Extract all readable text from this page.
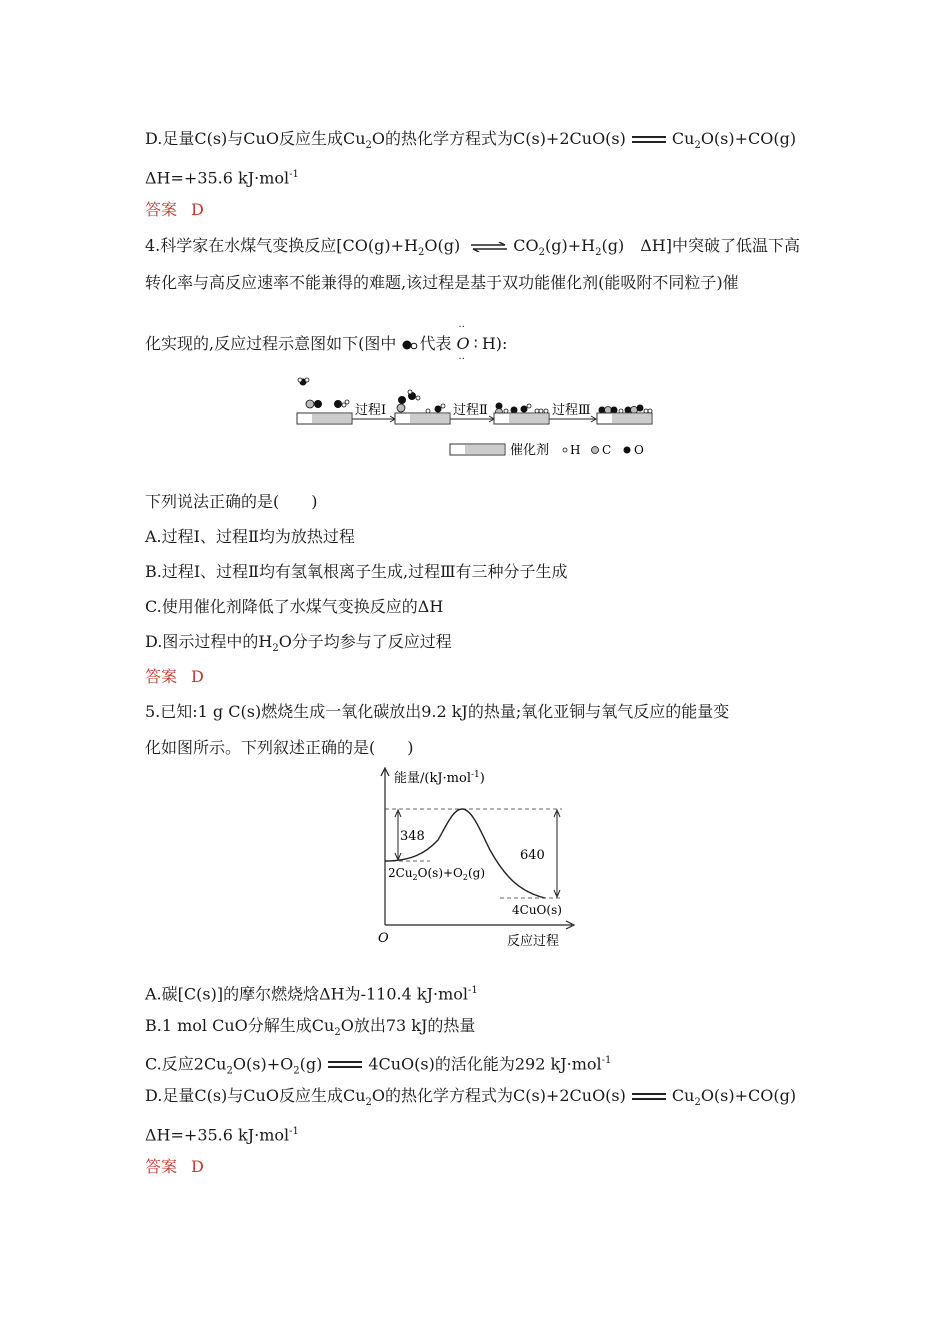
D.足量C(s)与CuO反应生成$Cu_2O$的热化学方程式为C(s)+2CuO(s)	$Cu_2O(s)+CO(g)$
ΔH=+35.6 kJ·mol$^{-1}$
答案 D
4.科学家在水煤气变换反应[$CO(g)+H_2O(g)$ ⇌ $CO_2(g)+H_2(g)$　ΔH]中突破了低温下高
转化率与高反应速率不能兼得的难题,该过程是基于双功能催化剂(能吸附不同粒子)催
化实现的,反应过程示意图如下(图中 代表
··
O
··
∶ H):
过程Ⅰ	过程Ⅱ	过程Ⅲ
催化剂 H C O
下列说法正确的是(　　)
A.过程Ⅰ、过程Ⅱ均为放热过程
B.过程Ⅰ、过程Ⅱ均有氢氧根离子生成,过程Ⅲ有三种分子生成
C.使用催化剂降低了水煤气变换反应的ΔH
D.图示过程中的$H_2O$分子均参与了反应过程
答案 D
5.已知:1 g C(s)燃烧生成一氧化碳放出9.2 kJ的热量;氧化亚铜与氧气反应的能量变
化如图所示。下列叙述正确的是(　　)
能量/(kJ·mol$^{-1}$)
O	反应过程
348
640
$2Cu_2O(s)+O_2(g)$
4CuO(s)
A.碳[C(s)]的摩尔燃烧焓ΔH为-110.4 kJ·mol$^{-1}$
B.1 mol CuO分解生成$Cu_2O$放出73 kJ的热量
C.反应$2Cu_2O(s)+O_2(g)$	4CuO(s)的活化能为292 kJ·mol$^{-1}$
D.足量C(s)与CuO反应生成$Cu_2O$的热化学方程式为C(s)+2CuO(s)	$Cu_2O(s)+CO(g)$
ΔH=+35.6 kJ·mol$^{-1}$
答案 D
